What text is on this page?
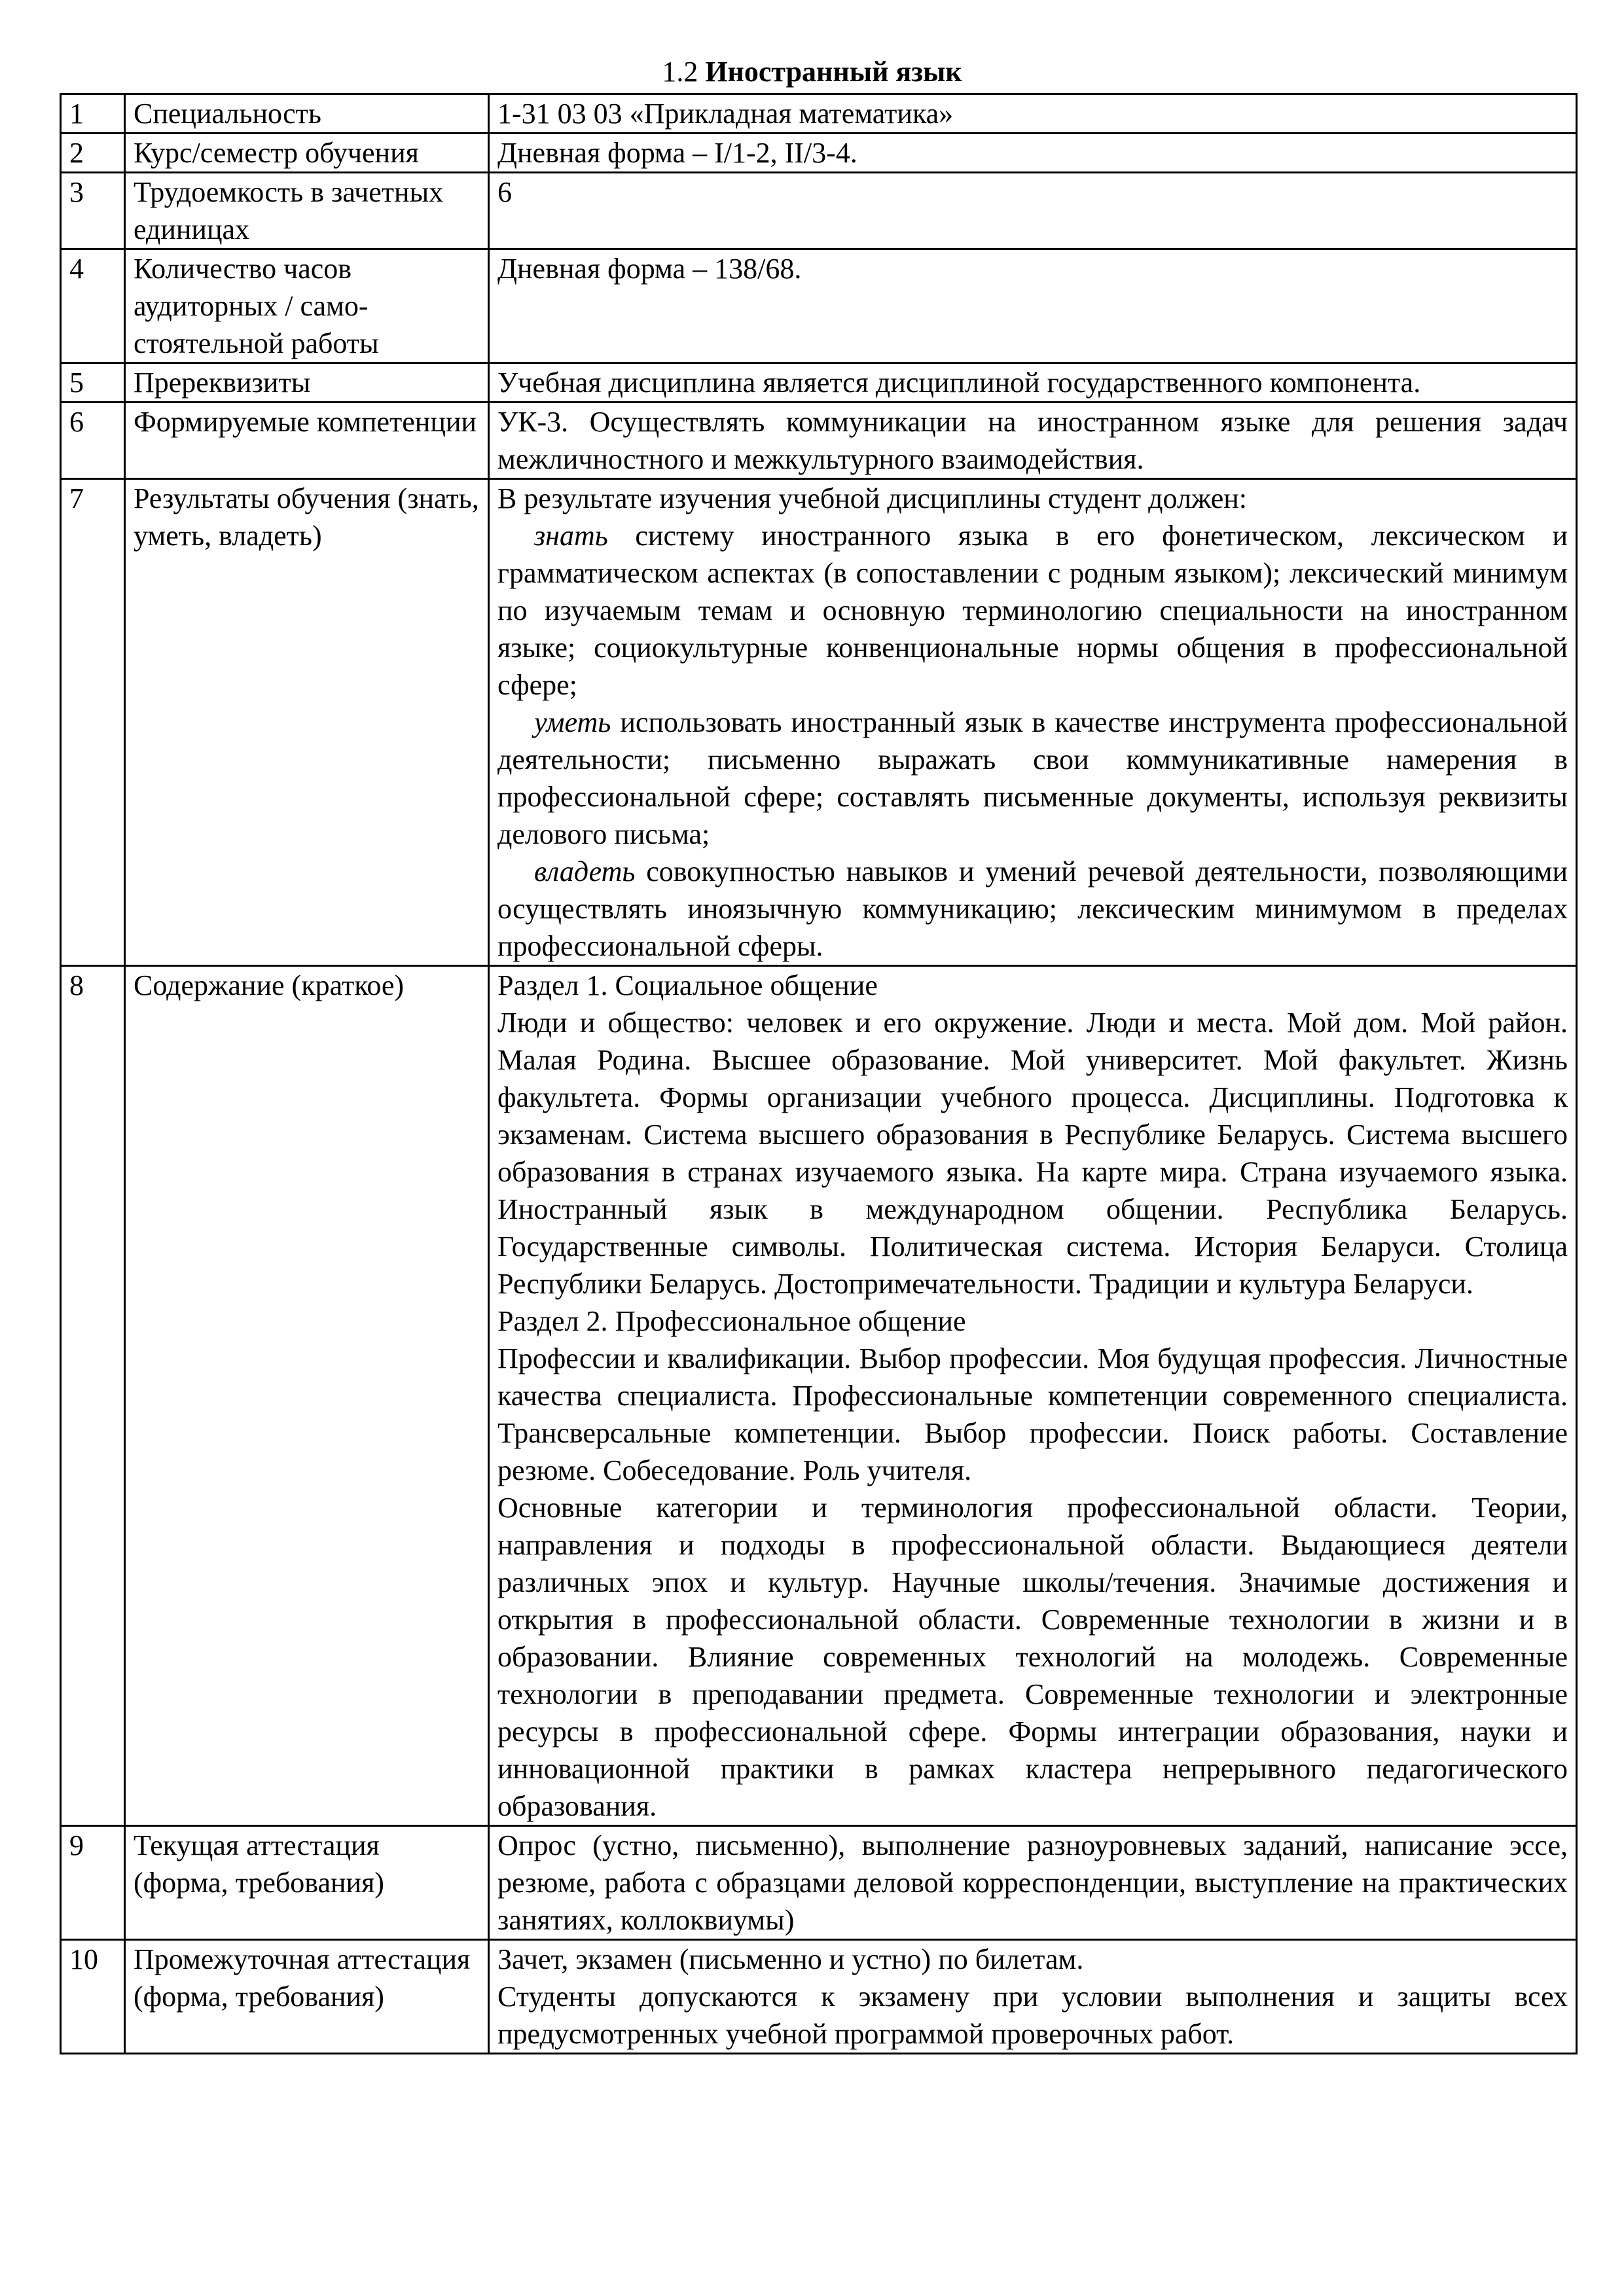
1.2 Иностранный язык
1	Специальность	1-31 03 03 «Прикладная математика»
2	Курс/семестр обучения	Дневная форма – I/1-2, II/3-4.
3	Трудоемкость в зачетных единицах	6
4	Количество часов аудиторных / само-стоятельной работы	Дневная форма – 138/68.
5	Пререквизиты	Учебная дисциплина является дисциплиной государственного компонента.
6	Формируемые компетенции	УК-3. Осуществлять коммуникации на иностранном языке для решения задач межличностного и межкультурного взаимодействия.
7	Результаты обучения (знать, уметь, владеть)	В результате изучения учебной дисциплины студент должен:
знать систему иностранного языка в его фонетическом, лексическом и грамматическом аспектах (в сопоставлении с родным языком); лексический минимум по изучаемым темам и основную терминологию специальности на иностранном языке; социокультурные конвенциональные нормы общения в профессиональной сфере;
уметь использовать иностранный язык в качестве инструмента профессиональной деятельности; письменно выражать свои коммуникативные намерения в профессиональной сфере; составлять письменные документы, используя реквизиты делового письма;
владеть совокупностью навыков и умений речевой деятельности, позволяющими осуществлять иноязычную коммуникацию; лексическим минимумом в пределах профессиональной сферы.

8	Содержание (краткое)	Раздел 1. Социальное общение
Люди и общество: человек и его окружение. Люди и места. Мой дом. Мой район. Малая Родина. Высшее образование. Мой университет. Мой факультет. Жизнь факультета. Формы организации учебного процесса. Дисциплины. Подготовка к экзаменам. Система высшего образования в Республике Беларусь. Система высшего образования в странах изучаемого языка. На карте мира. Страна изучаемого языка. Иностранный язык в международном общении. Республика Беларусь. Государственные символы. Политическая система. История Беларуси. Столица Республики Беларусь. Достопримечательности. Традиции и культура Беларуси.
Раздел 2. Профессиональное общение
Профессии и квалификации. Выбор профессии. Моя будущая профессия. Личностные качества специалиста. Профессиональные компетенции современного специалиста. Трансверсальные компетенции. Выбор профессии. Поиск работы. Составление резюме. Собеседование. Роль учителя.
Основные категории и терминология профессиональной области. Теории, направления и подходы в профессиональной области. Выдающиеся деятели различных эпох и культур. Научные школы/течения. Значимые достижения и открытия в профессиональной области. Современные технологии в жизни и в образовании. Влияние современных технологий на молодежь. Современные технологии в преподавании предмета. Современные технологии и электронные ресурсы в профессиональной сфере. Формы интеграции образования, науки и инновационной практики в рамках кластера непрерывного педагогического образования.

9	Текущая аттестация (форма, требования)	Опрос (устно, письменно), выполнение разноуровневых заданий, написание эссе, резюме, работа с образцами деловой корреспонденции, выступление на практических занятиях, коллоквиумы)
10	Промежуточная аттестация (форма, требования)	Зачет, экзамен (письменно и устно) по билетам.
Студенты допускаются к экзамену при условии выполнения и защиты всех предусмотренных учебной программой проверочных работ.
